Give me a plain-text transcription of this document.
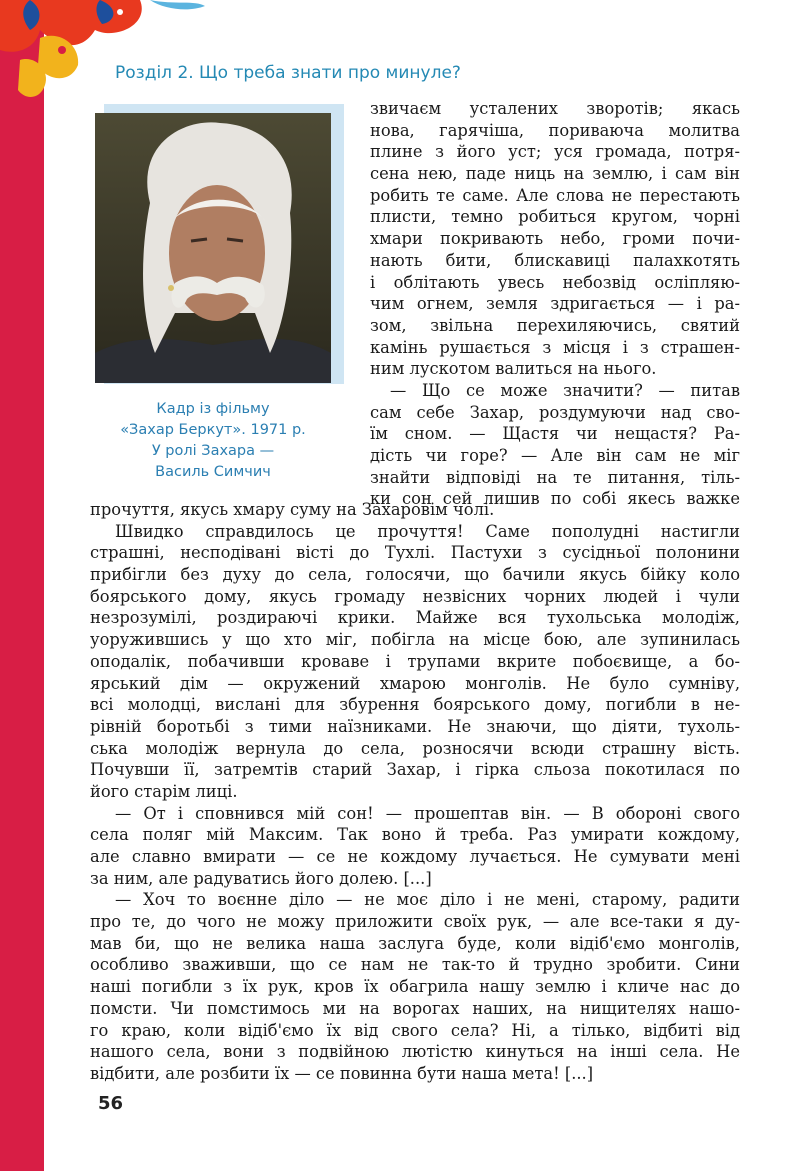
Розділ 2. Що треба знати про минуле?
Кадр із фільму
«Захар Беркут». 1971 р.
У ролі Захара —
Василь Симчич
звичаєм усталених зворотів; якась
нова, гарячіша, пориваюча молитва
плине з його уст; уся громада, потря-
сена нею, паде ниць на землю, і сам він
робить те саме. Але слова не перестають
плисти, темно робиться кругом, чорні
хмари покривають небо, громи почи-
нають бити, блискавиці палахкотять
і облітають увесь небозвід осліпляю-
чим огнем, земля здригається — і ра-
зом, звільна перехиляючись, святий
камінь рушається з місця і з страшен-
ним лускотом валиться на нього.
— Що се може значити? — питав
сам себе Захар, роздумуючи над сво-
їм сном. — Щастя чи нещастя? Ра-
дість чи горе? — Але він сам не міг
знайти відповіді на те питання, тіль-
ки сон сей лишив по собі якесь важке
прочуття, якусь хмару суму на Захаровім чолі.
Швидко справдилось це прочуття! Саме пополудні настигли
страшні, несподівані вісті до Тухлі. Пастухи з сусідньої полонини
прибігли без духу до села, голосячи, що бачили якусь бійку коло
боярського дому, якусь громаду незвісних чорних людей і чули
незрозумілі, роздираючі крики. Майже вся тухольська молодіж,
уоружившись у що хто міг, побігла на місце бою, але зупинилась
оподалік, побачивши кроваве і трупами вкрите побоєвище, а бо-
ярський дім — окружений хмарою монголів. Не було сумніву,
всі молодці, вислані для збурення боярського дому, погибли в не-
рівній боротьбі з тими наїзниками. Не знаючи, що діяти, тухоль-
ська молодіж вернула до села, розносячи всюди страшну вість.
Почувши її, затремтів старий Захар, і гірка сльоза покотилася по
його старім лиці.
— От і сповнився мій сон! — прошептав він. — В обороні свого
села поляг мій Максим. Так воно й треба. Раз умирати кождому,
але славно вмирати — се не кождому лучається. Не сумувати мені
за ним, але радуватись його долею. [...]
— Хоч то воєнне діло — не моє діло і не мені, старому, радити
про те, до чого не можу приложити своїх рук, — але все-таки я ду-
мав би, що не велика наша заслуга буде, коли відіб'ємо монголів,
особливо зваживши, що се нам не так-то й трудно зробити. Сини
наші погибли з їх рук, кров їх обагрила нашу землю і кличе нас до
помсти. Чи помстимось ми на ворогах наших, на нищителях нашо-
го краю, коли відіб'ємо їх від свого села? Ні, а тілько, відбиті від
нашого села, вони з подвійною лютістю кинуться на інші села. Не
відбити, але розбити їх — се повинна бути наша мета! [...]

56
